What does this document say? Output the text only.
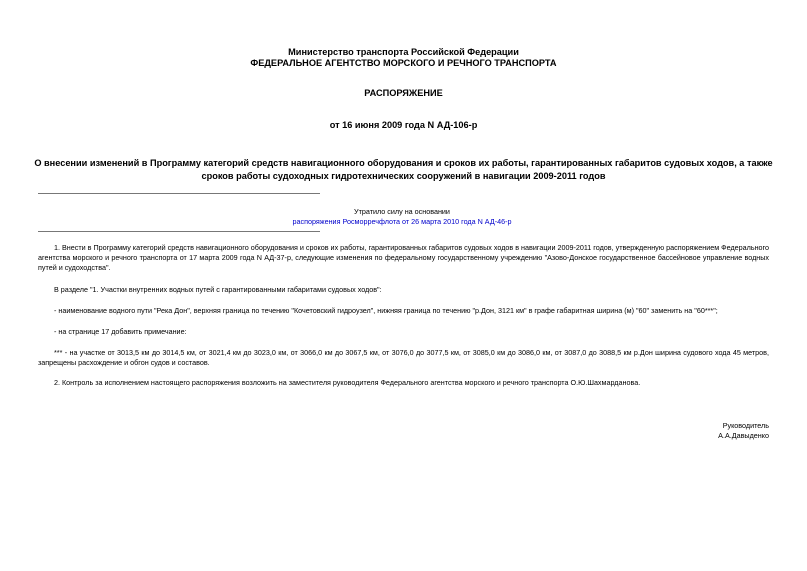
Министерство транспорта Российской Федерации
ФЕДЕРАЛЬНОЕ АГЕНТСТВО МОРСКОГО И РЕЧНОГО ТРАНСПОРТА
РАСПОРЯЖЕНИЕ
от 16 июня 2009 года N АД-106-р
О внесении изменений в Программу категорий средств навигационного оборудования и сроков их работы, гарантированных габаритов судовых ходов, а также сроков работы судоходных гидротехнических сооружений в навигации 2009-2011 годов
Утратило силу на основании
распоряжения Росморречфлота от 26 марта 2010 года N АД-46-р
1. Внести в Программу категорий средств навигационного оборудования и сроков их работы, гарантированных габаритов судовых ходов в навигации 2009-2011 годов, утвержденную распоряжением Федерального агентства морского и речного транспорта от 17 марта 2009 года N АД-37-р, следующие изменения по федеральному государственному учреждению "Азово-Донское государственное бассейновое управление водных путей и судоходства".
В разделе "1. Участки внутренних водных путей с гарантированными габаритами судовых ходов":
- наименование водного пути "Река Дон", верхняя граница по течению "Кочетовский гидроузел", нижняя граница по течению "р.Дон, 3121 км" в графе габаритная ширина (м) "60" заменить на "60***";
- на странице 17 добавить примечание:
*** - на участке от 3013,5 км до 3014,5 км, от 3021,4 км до 3023,0 км, от 3066,0 км до 3067,5 км, от 3076,0 до 3077,5 км, от 3085,0 км до 3086,0 км, от 3087,0 до 3088,5 км р.Дон ширина судового хода 45 метров, запрещены расхождение и обгон судов и составов.
2. Контроль за исполнением настоящего распоряжения возложить на заместителя руководителя Федерального агентства морского и речного транспорта О.Ю.Шахмарданова.
Руководитель
А.А.Давыденко
